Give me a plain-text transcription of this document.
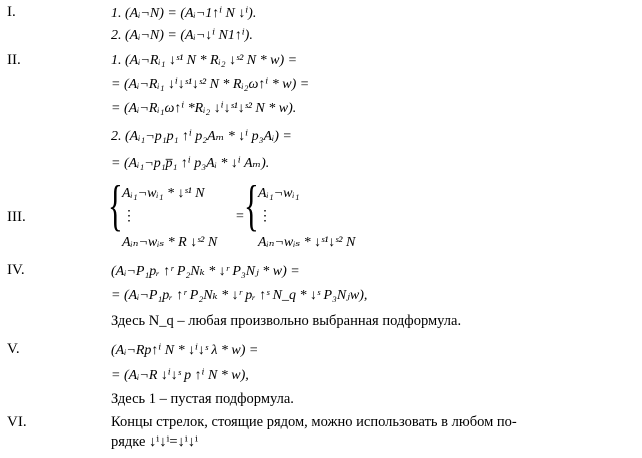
I.	1. (Aᵢ¬N) = (Aᵢ¬1↑ⁱ N ↓ⁱ).
2. (Aᵢ¬N) = (Aᵢ¬↓ⁱ N1↑ⁱ).
II.	1. (Aᵢ¬Rᵢ₁ ↓ˢ¹ N * Rᵢ₂ ↓ˢ² N * w) =
= (Aᵢ¬Rᵢ₁ ↓ⁱ↓ˢ¹↓ˢ² N * Rᵢ₂ω↑ⁱ * w) =
= (Aᵢ¬Rᵢ₁ω↑ⁱ *Rᵢ₂ ↓ⁱ↓ˢ¹↓ˢ² N * w).
2. (Aᵢ₁¬p₁p₁ ↑ⁱ p₂Aₘ * ↓ⁱ p₃Aᵢ) =
= (Aᵢ₁¬p₁p̅₁ ↑ⁱ p₃Aᵢ * ↓ⁱ Aₘ).
III. { Aᵢ₁¬wᵢ₁ * ↓ˢ¹ N
⋮
Aᵢₙ¬wᵢₛ * R ↓ˢ² N
= { Aᵢ₁¬wᵢ₁
⋮
Aᵢₙ¬wᵢₛ * ↓ˢ¹↓ˢ² N
IV.	(Aᵢ¬P₁pᵣ ↑ʳ P₂Nₖ * ↓ʳ P₃Nⱼ * w) =
= (Aᵢ¬P₁pᵣ ↑ʳ P₂Nₖ * ↓ʳ pᵣ ↑ˢ N_q * ↓ˢ P₃Nⱼw),
Здесь N_q – любая произвольно выбранная подформула.
V.	(Aᵢ¬Rp↑ⁱ N * ↓ⁱ↓ˢ λ * w) =
= (Aᵢ¬R ↓ⁱ↓ˢ p ↑ⁱ N * w),
Здесь 1 – пустая подформула.
VI.	Концы стрелок, стоящие рядом, можно использовать в любом по-
рядке ↓ⁱ↓ⁱ=↓ⁱ↓ⁱ
